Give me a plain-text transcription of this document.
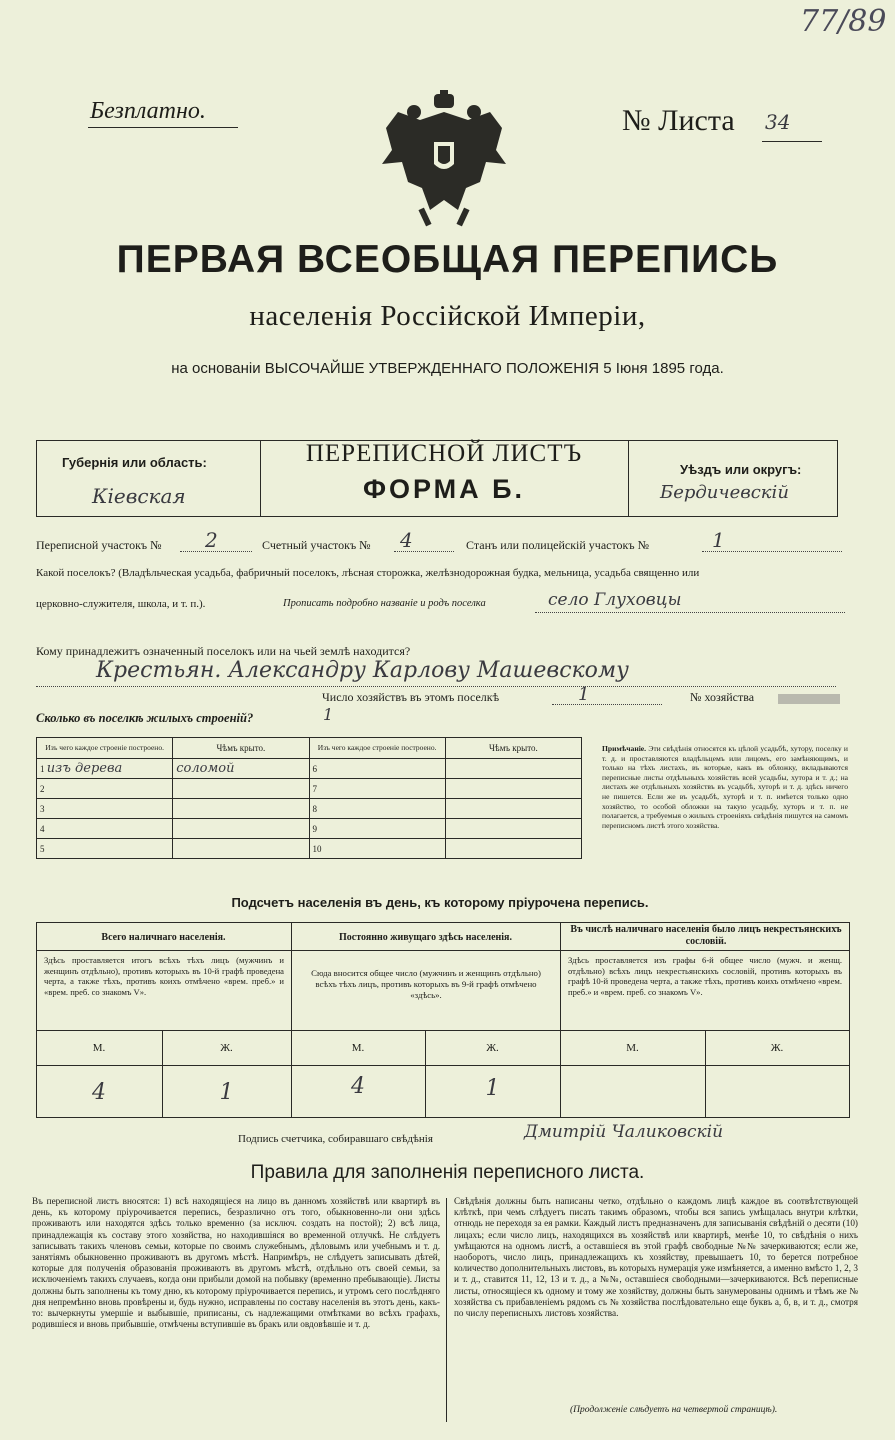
77/89
Безплатно.	№ Листа 34
ПЕРВАЯ ВСЕОБЩАЯ ПЕРЕПИСЬ
населенія Россійской Имперіи,
на основаніи ВЫСОЧАЙШЕ УТВЕРЖДЕННАГО ПОЛОЖЕНІЯ 5 Іюня 1895 года.
Губернія или область:
Кіевская
ПЕРЕПИСНОЙ ЛИСТЪ
ФОРМА Б.
Уѣздъ или округъ:
Бердичевскій
Переписной участокъ № 2	Счетный участокъ № 4	Станъ или полицейскій участокъ №	1
Какой поселокъ? (Владѣльческая усадьба, фабричный поселокъ, лѣсная сторожка, желѣзнодорожная будка, мельница, усадьба священно или
церковно-служителя, школа, и т. п.).	Прописать подробно названіе и родъ поселка	село Глуховцы
Кому принадлежитъ означенный поселокъ или на чьей землѣ находится?
Крестьян. Александру Карлову Машевскому
Число хозяйствъ въ этомъ поселкѣ	1	№ хозяйства
Сколько въ поселкѣ жилыхъ строеній?	1
Изъ чего каждое строеніе построено.	Чѣмъ крыто.	Изъ чего каждое строеніе построено.	Чѣмъ крыто.
1 изъ дерева	соломой	6	
2		7	
3		8	
4		9	
5		10	
Примѣчаніе. Эти свѣдѣнія относятся къ цѣлой усадьбѣ, хутору, поселку и т. д. и проставляются владѣльцемъ или лицомъ, его замѣняющимъ, и только на тѣхъ листахъ, въ которые, какъ въ обложку, вкладываются переписные листы отдѣльныхъ хозяйствъ всей усадьбы, хутора и т. д.; на листахъ же отдѣльныхъ хозяйствъ въ усадьбѣ, хуторѣ и т. д. здѣсь ничего не пишется. Если же въ усадьбѣ, хуторѣ и т. п. имѣется только одно хозяйство, то особой обложки на такую усадьбу, хуторъ и т. п. не полагается, а требуемыя о жилыхъ строеніяхъ свѣдѣнія пишутся на самомъ переписномъ листѣ этого хозяйства.
Подсчетъ населенія въ день, къ которому пріурочена перепись.
Всего наличнаго населенія.	Постоянно живущаго здѣсь населенія.
Въ числѣ наличнаго населенія было лицъ некрестьянскихъ сословій.
Здѣсь проставляется итогъ всѣхъ тѣхъ лицъ (мужчинъ и женщинъ отдѣльно), противъ которыхъ въ 10-й графѣ проведена черта, а также тѣхъ, противъ коихъ отмѣчено «врем. преб.» и «врем. преб. со знакомъ V».
Сюда вносится общее число (мужчинъ и женщинъ отдѣльно) всѣхъ тѣхъ лицъ, противъ которыхъ въ 9-й графѣ отмѣчено «здѣсь».
Здѣсь проставляется изъ графы 6-й общее число (мужч. и женщ. отдѣльно) всѣхъ лицъ некрестьянскихъ сословій, противъ которыхъ въ графѣ 10-й проведена черта, а также тѣхъ, противъ коихъ отмѣчено «врем. преб.» и «врем. преб. со знакомъ V».
М.	Ж.	М.	Ж.	М.	Ж.
4	1	4	1
Подпись счетчика, собиравшаго свѣдѣнія	Дмитрій Чаликовскій
Правила для заполненія переписного листа.
Въ переписной листъ вносятся: 1) всѣ находящіеся на лицо въ данномъ хозяйствѣ или квартирѣ въ день, къ которому пріурочивается перепись, безразлично отъ того, обыкновенно-ли они здѣсь проживаютъ или находятся здѣсь только временно (за исключ. создать на постой); 2) всѣ лица, принадлежащія къ составу этого хозяйства, но находившіяся во временной отлучкѣ. Не слѣдуетъ записывать такихъ членовъ семьи, которые по своимъ служебнымъ, дѣловымъ или учебнымъ и т. д. занятіямъ обыкновенно проживаютъ въ другомъ мѣстѣ. Напримѣръ, не слѣдуетъ записывать дѣтей, которые для полученія образованія проживаютъ въ другомъ мѣстѣ, отдѣльно отъ своей семьи, за исключеніемъ такихъ случаевъ, когда они прибыли домой на побывку (временно пребывающіе). Листы должны быть заполнены къ тому дню, къ которому пріурочивается перепись, и утромъ сего послѣдняго дня непремѣнно вновь провѣрены и, будь нужно, исправлены по составу населенія въ этотъ день, какъ-то: вычеркнуты умершіе и выбывшіе, приписаны, съ надлежащими отмѣтками во всѣхъ графахъ, родившіеся и вновь прибывшіе, отмѣчены вступившіе въ бракъ или овдовѣвшіе и т. д.
Свѣдѣнія должны быть написаны четко, отдѣльно о каждомъ лицѣ каждое въ соотвѣтствующей клѣткѣ, при чемъ слѣдуетъ писать такимъ образомъ, чтобы вся запись умѣщалась внутри клѣтки, отнюдь не переходя за ея рамки. Каждый листъ предназначенъ для записыванія свѣдѣній о десяти (10) лицахъ; если число лицъ, находящихся въ хозяйствѣ или квартирѣ, менѣе 10, то свѣдѣнія о нихъ умѣщаются на одномъ листѣ, а оставшіеся въ этой графѣ свободные №№ зачеркиваются; если же, наоборотъ, число лицъ, принадлежащихъ къ хозяйству, превышаетъ 10, то берется потребное количество дополнительныхъ листовъ, въ которыхъ нумерація уже измѣняется, а именно вмѣсто 1, 2, 3 и т. д., ставится 11, 12, 13 и т. д., а №№, оставшіеся свободными—зачеркиваются. Всѣ переписные листы, относящіеся къ одному и тому же хозяйству, должны быть занумерованы однимъ и тѣмъ же № хозяйства съ прибавленіемъ рядомъ съ № хозяйства послѣдовательно еще буквъ а, б, в, и т. д., смотря по числу переписныхъ листовъ хозяйства.
(Продолженіе слѣдуетъ на четвертой страницѣ).
